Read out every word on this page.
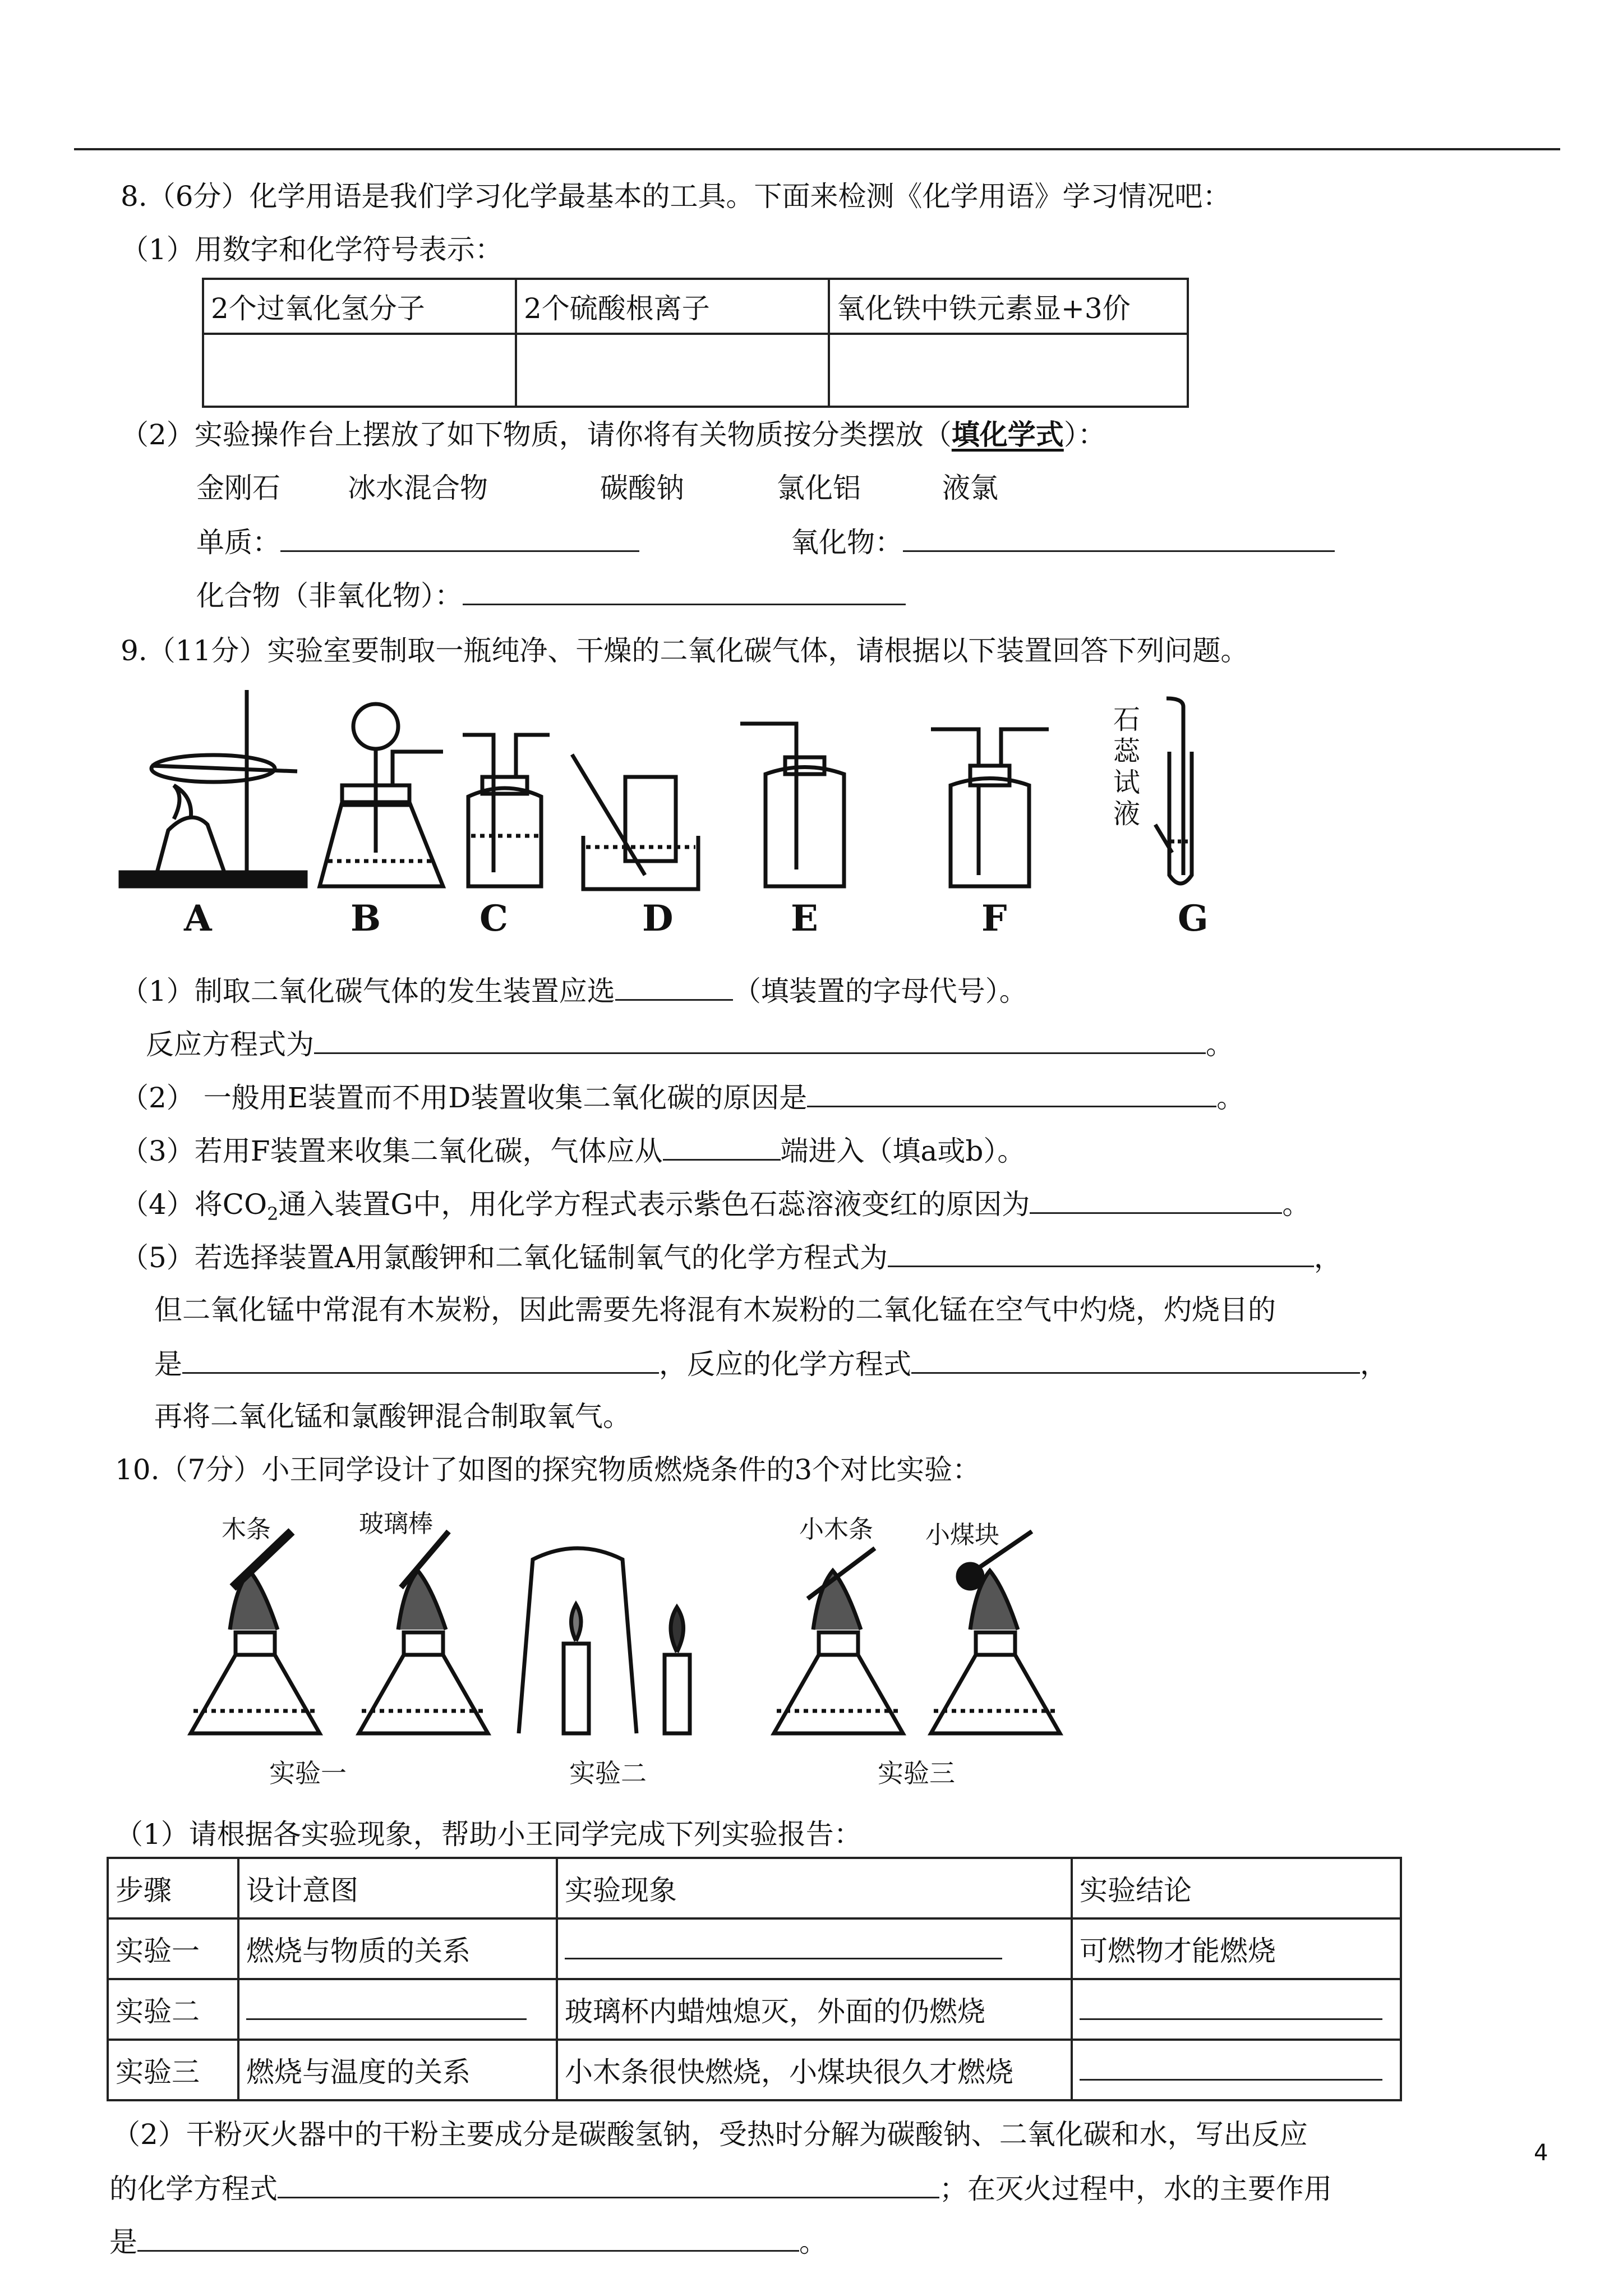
8.（6分）化学用语是我们学习化学最基本的工具。下面来检测《化学用语》学习情况吧：
（1）用数字和化学符号表示：
2个过氧化氢分子	2个硫酸根离子	氧化铁中铁元素显+3价

（2）实验操作台上摆放了如下物质，请你将有关物质按分类摆放（填化学式）：
金刚石 冰水混合物	碳酸钠	氯化铝	液氯
单质：	氧化物：
化合物（非氧化物）：
9.（11分）实验室要制取一瓶纯净、干燥的二氧化碳气体，请根据以下装置回答下列问题。
A	B	C	D	E	F	G
石蕊试液
（1）制取二氧化碳气体的发生装置应选	（填装置的字母代号）。
反应方程式为	。
（2） 一般用E装置而不用D装置收集二氧化碳的原因是	。
（3）若用F装置来收集二氧化碳，气体应从	端进入（填a或b）。
（4）将$CO_2$通入装置G中，用化学方程式表示紫色石蕊溶液变红的原因为	。
（5）若选择装置A用氯酸钾和二氧化锰制氧气的化学方程式为	，
但二氧化锰中常混有木炭粉，因此需要先将混有木炭粉的二氧化锰在空气中灼烧，灼烧目的
是	，反应的化学方程式	，
再将二氧化锰和氯酸钾混合制取氧气。
10.（7分）小王同学设计了如图的探究物质燃烧条件的3个对比实验：
木条	玻璃棒	小木条 小煤块
实验一	实验二	实验三
（1）请根据各实验现象，帮助小王同学完成下列实验报告：
步骤	设计意图	实验现象	实验结论
实验一	燃烧与物质的关系		可燃物才能燃烧
实验二		玻璃杯内蜡烛熄灭，外面的仍燃烧	
实验三	燃烧与温度的关系	小木条很快燃烧，小煤块很久才燃烧	
（2）干粉灭火器中的干粉主要成分是碳酸氢钠，受热时分解为碳酸钠、二氧化碳和水，写出反应
的化学方程式	；在灭火过程中，水的主要作用
是	。
4
